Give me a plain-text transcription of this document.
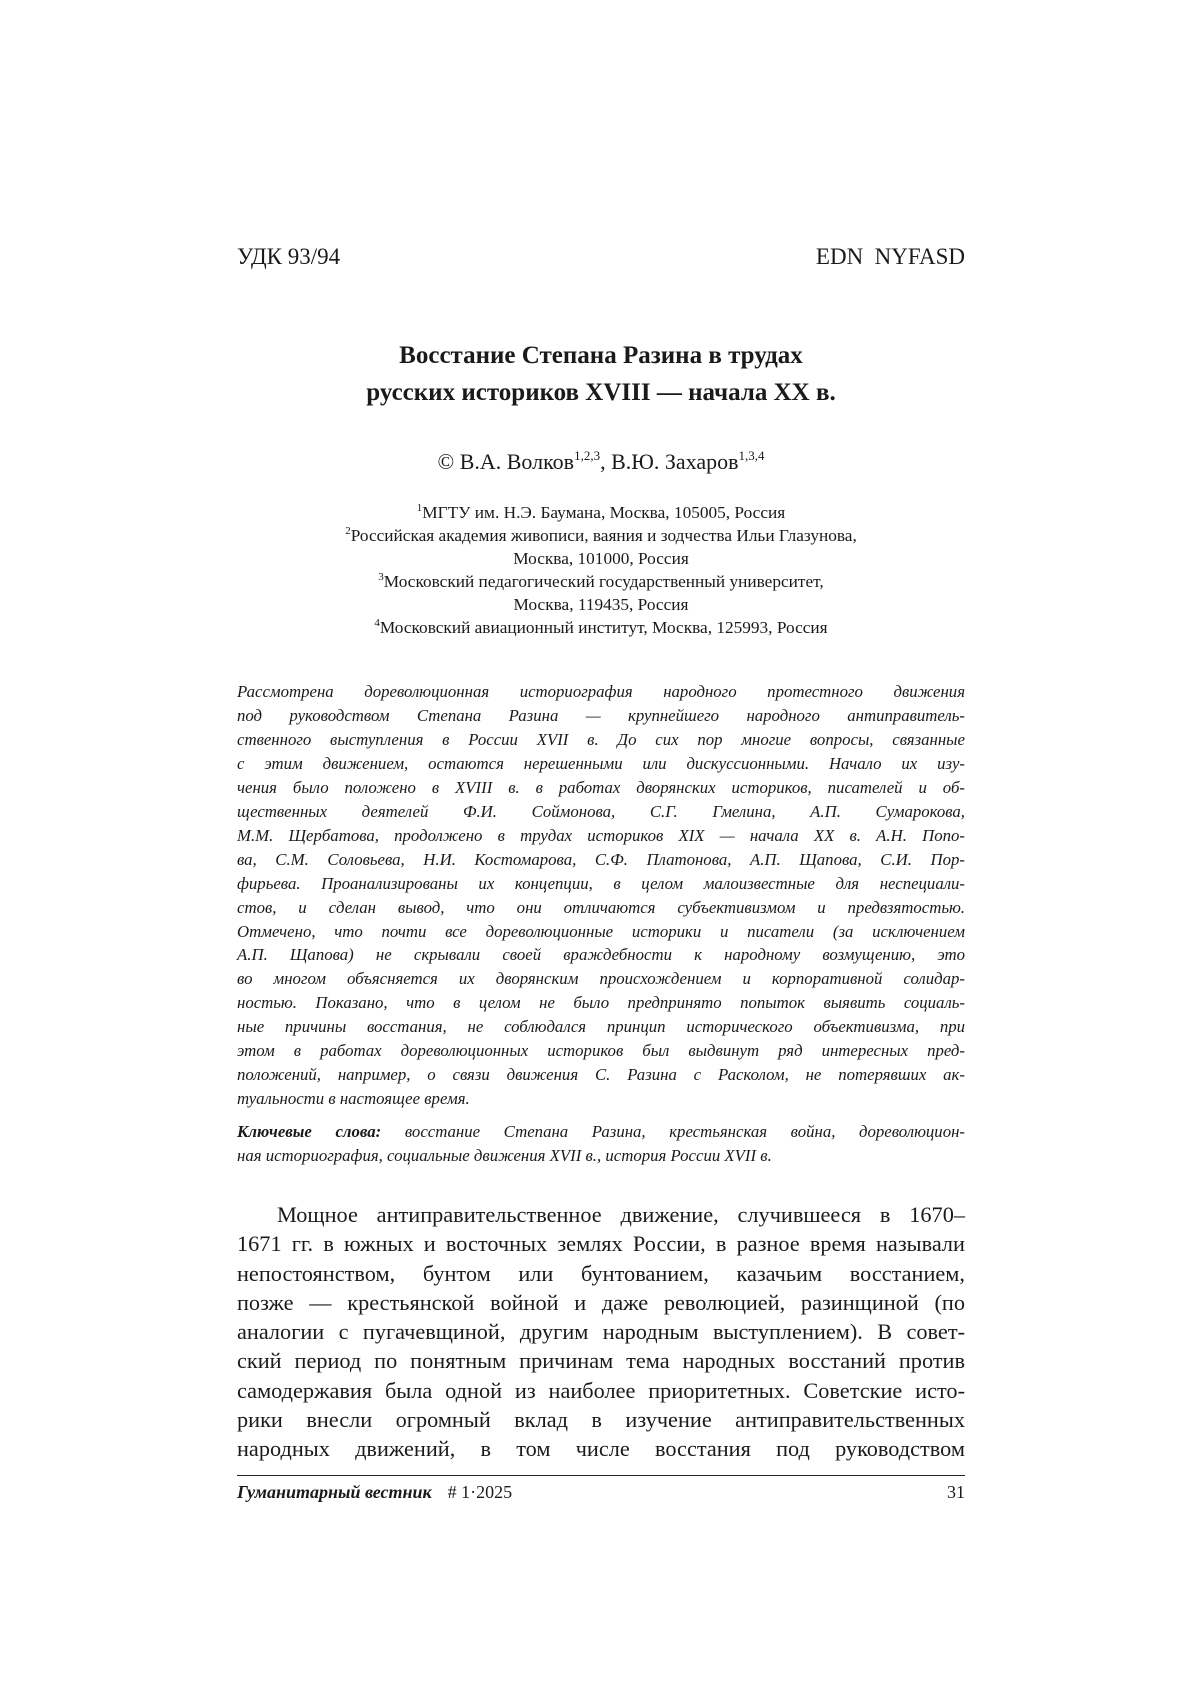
УДК 93/94	EDN  NYFASD
Восстание Степана Разина в трудах
русских историков XVIII — начала XX в.
© В.А. Волков$^{1,2,3}$, В.Ю. Захаров$^{1,3,4}$
$^1$МГТУ им. Н.Э. Баумана, Москва, 105005, Россия
$^2$Российская академия живописи, ваяния и зодчества Ильи Глазунова,
Москва, 101000, Россия
$^3$Московский педагогический государственный университет,
Москва, 119435, Россия
$^4$Московский авиационный институт, Москва, 125993, Россия
Рассмотрена дореволюционная историография народного протестного движения
под руководством Степана Разина — крупнейшего народного антиправитель-
ственного выступления в России XVII в. До сих пор многие вопросы, связанные
с этим движением, остаются нерешенными или дискуссионными. Начало их изу-
чения было положено в XVIII в. в работах дворянских историков, писателей и об-
щественных деятелей Ф.И. Соймонова, С.Г. Гмелина, А.П. Сумарокова,
М.М. Щербатова, продолжено в трудах историков XIX — начала XX в. А.Н. Попо-
ва, С.М. Соловьева, Н.И. Костомарова, С.Ф. Платонова, А.П. Щапова, С.И. Пор-
фирьева. Проанализированы их концепции, в целом малоизвестные для неспециали-
стов, и сделан вывод, что они отличаются субъективизмом и предвзятостью.
Отмечено, что почти все дореволюционные историки и писатели (за исключением
А.П. Щапова) не скрывали своей враждебности к народному возмущению, это
во многом объясняется их дворянским происхождением и корпоративной солидар-
ностью. Показано, что в целом не было предпринято попыток выявить социаль-
ные причины восстания, не соблюдался принцип исторического объективизма, при
этом в работах дореволюционных историков был выдвинут ряд интересных пред-
положений, например, о связи движения С. Разина с Расколом, не потерявших ак-
туальности в настоящее время.
Ключевые слова: восстание Степана Разина, крестьянская война, дореволюцион-
ная историография, социальные движения XVII в., история России XVII в.
Мощное антиправительственное движение, случившееся в 1670–
1671 гг. в южных и восточных землях России, в разное время называли
непостоянством, бунтом или бунтованием, казачьим восстанием,
позже — крестьянской войной и даже революцией, разинщиной (по
аналогии с пугачевщиной, другим народным выступлением). В совет-
ский период по понятным причинам тема народных восстаний против
самодержавия была одной из наиболее приоритетных. Советские исто-
рики внесли огромный вклад в изучение антиправительственных
народных движений, в том числе восстания под руководством
Гуманитарный вестник # 1·2025	31
